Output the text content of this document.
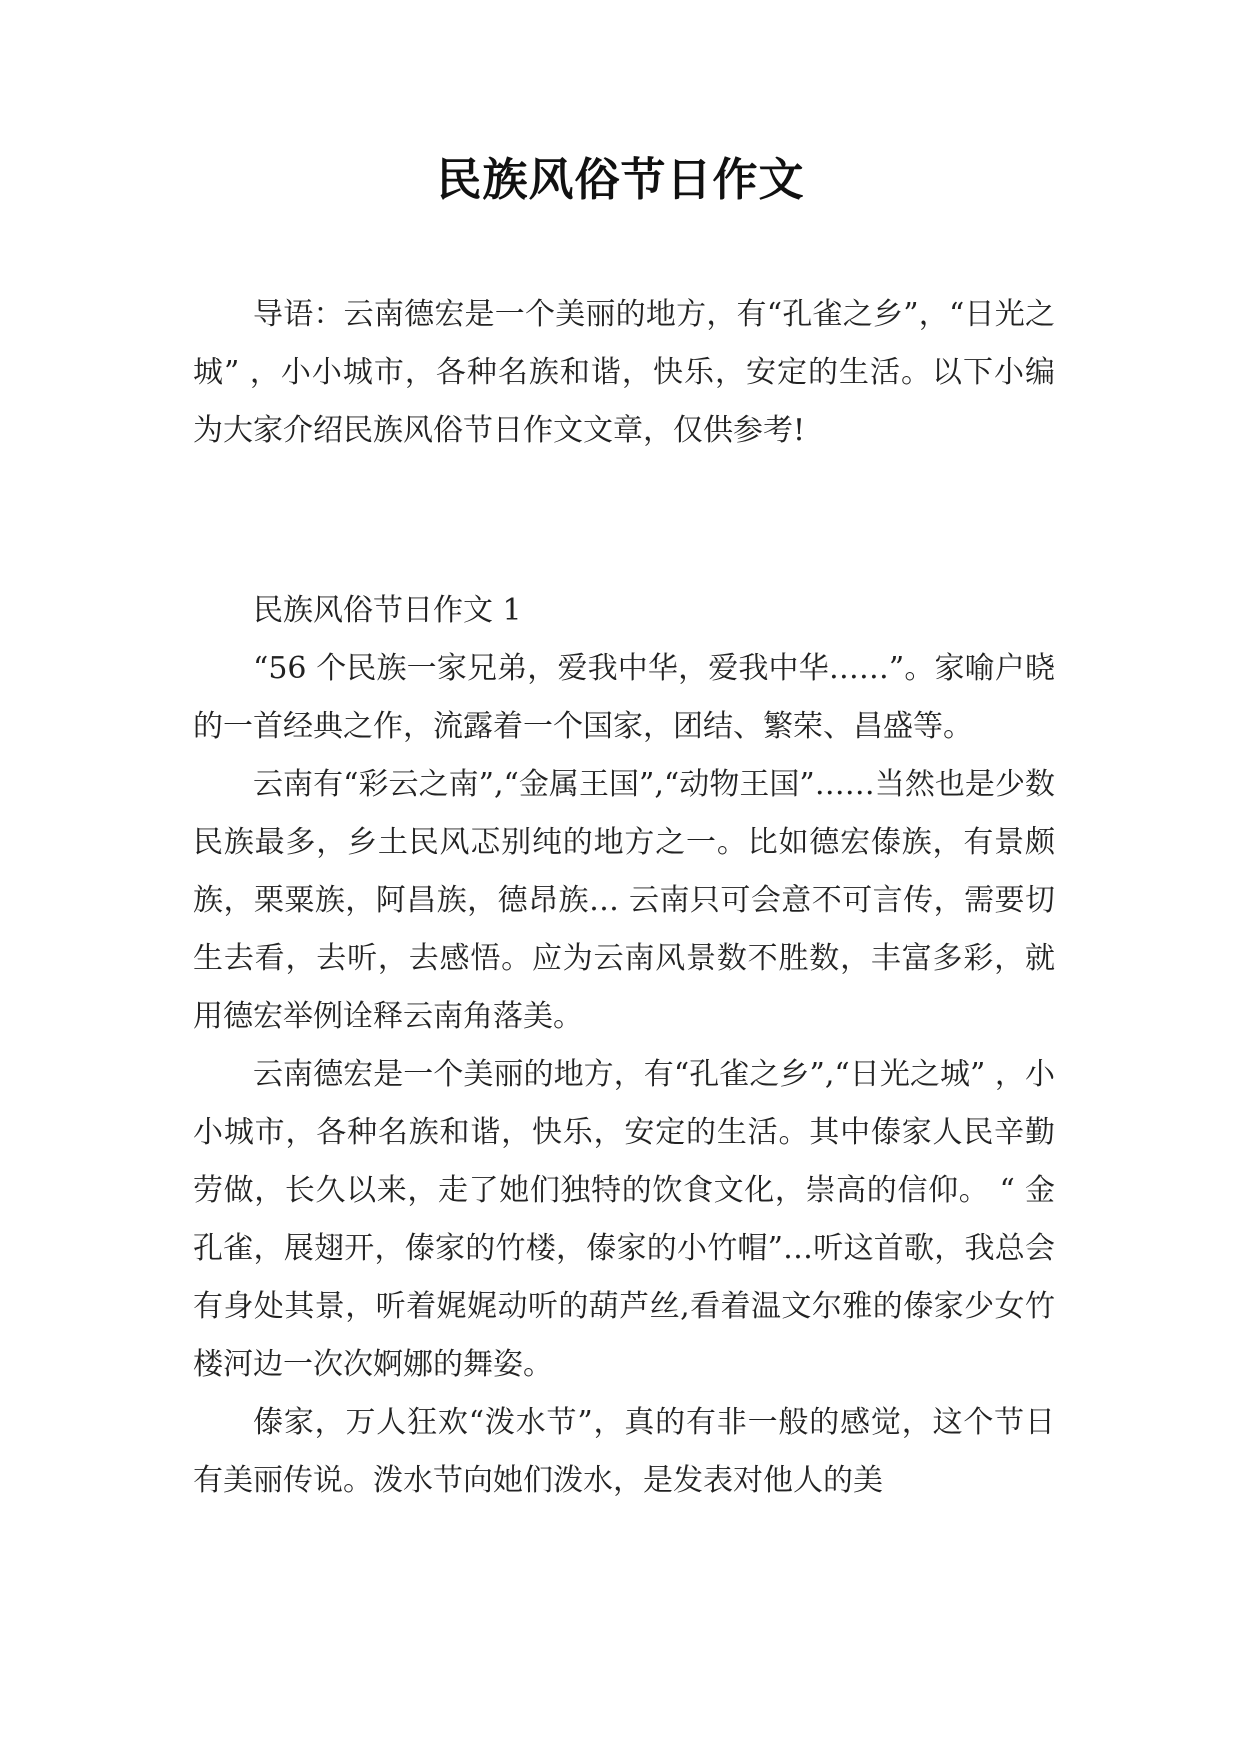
民族风俗节日作文

导语：云南德宏是一个美丽的地方，有“孔雀之乡”，“日光之城” ，小小城市，各种名族和谐，快乐，安定的生活。以下小编为大家介绍民族风俗节日作文文章，仅供参考!

民族风俗节日作文 1

“56 个民族一家兄弟，爱我中华，爱我中华……”。家喻户晓的一首经典之作，流露着一个国家，团结、繁荣、昌盛等。

云南有“彩云之南”,“金属王国”,“动物王国”……当然也是少数民族最多，乡土民风忑别纯的地方之一。比如德宏傣族，有景颇族，栗粟族，阿昌族，德昂族… 云南只可会意不可言传，需要切生去看，去听，去感悟。应为云南风景数不胜数，丰富多彩，就用德宏举例诠释云南角落美。

云南德宏是一个美丽的地方，有“孔雀之乡”,“日光之城” ，小小城市，各种名族和谐，快乐，安定的生活。其中傣家人民辛勤劳做，长久以来，走了她们独特的饮食文化，崇高的信仰。 “ 金孔雀，展翅开，傣家的竹楼，傣家的小竹帽”…听这首歌，我总会有身处其景，听着娓娓动听的葫芦丝,看着温文尔雅的傣家少女竹楼河边一次次婀娜的舞姿。

傣家，万人狂欢“泼水节”，真的有非一般的感觉，这个节日有美丽传说。泼水节向她们泼水，是发表对他人的美
